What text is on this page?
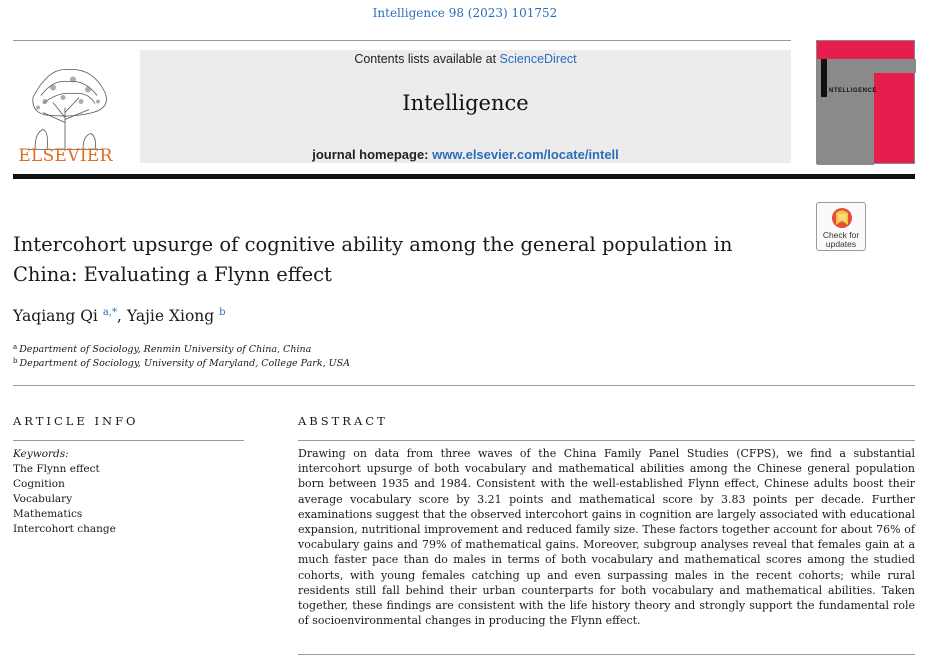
Intelligence 98 (2023) 101752
ELSEVIER
Contents lists available at ScienceDirect
Intelligence
journal homepage: www.elsevier.com/locate/intell
NTELLIGENCE
Check for updates
Intercohort upsurge of cognitive ability among the general population in China: Evaluating a Flynn effect
Yaqiang Qi $^{a,*}$, Yajie Xiong $^b$
$^a$ Department of Sociology, Renmin University of China, China
$^b$ Department of Sociology, University of Maryland, College Park, USA
ARTICLE INFO	ABSTRACT
Keywords:
The Flynn effect
Cognition
Vocabulary
Mathematics
Intercohort change
Drawing on data from three waves of the China Family Panel Studies (CFPS), we find a substantial intercohort upsurge of both vocabulary and mathematical abilities among the Chinese general population born between 1935 and 1984. Consistent with the well-established Flynn effect, Chinese adults boost their average vocabulary score by 3.21 points and mathematical score by 3.83 points per decade. Further examinations suggest that the observed intercohort gains in cognition are largely associated with educational expansion, nutritional improvement and reduced family size. These factors together account for about 76% of vocabulary gains and 79% of mathematical gains. Moreover, subgroup analyses reveal that females gain at a much faster pace than do males in terms of both vocabulary and mathematical scores among the studied cohorts, with young females catching up and even surpassing males in the recent cohorts; while rural residents still fall behind their urban counterparts for both vocabulary and mathematical abilities. Taken together, these findings are consistent with the life history theory and strongly support the fundamental role of socioenvironmental changes in producing the Flynn effect.
